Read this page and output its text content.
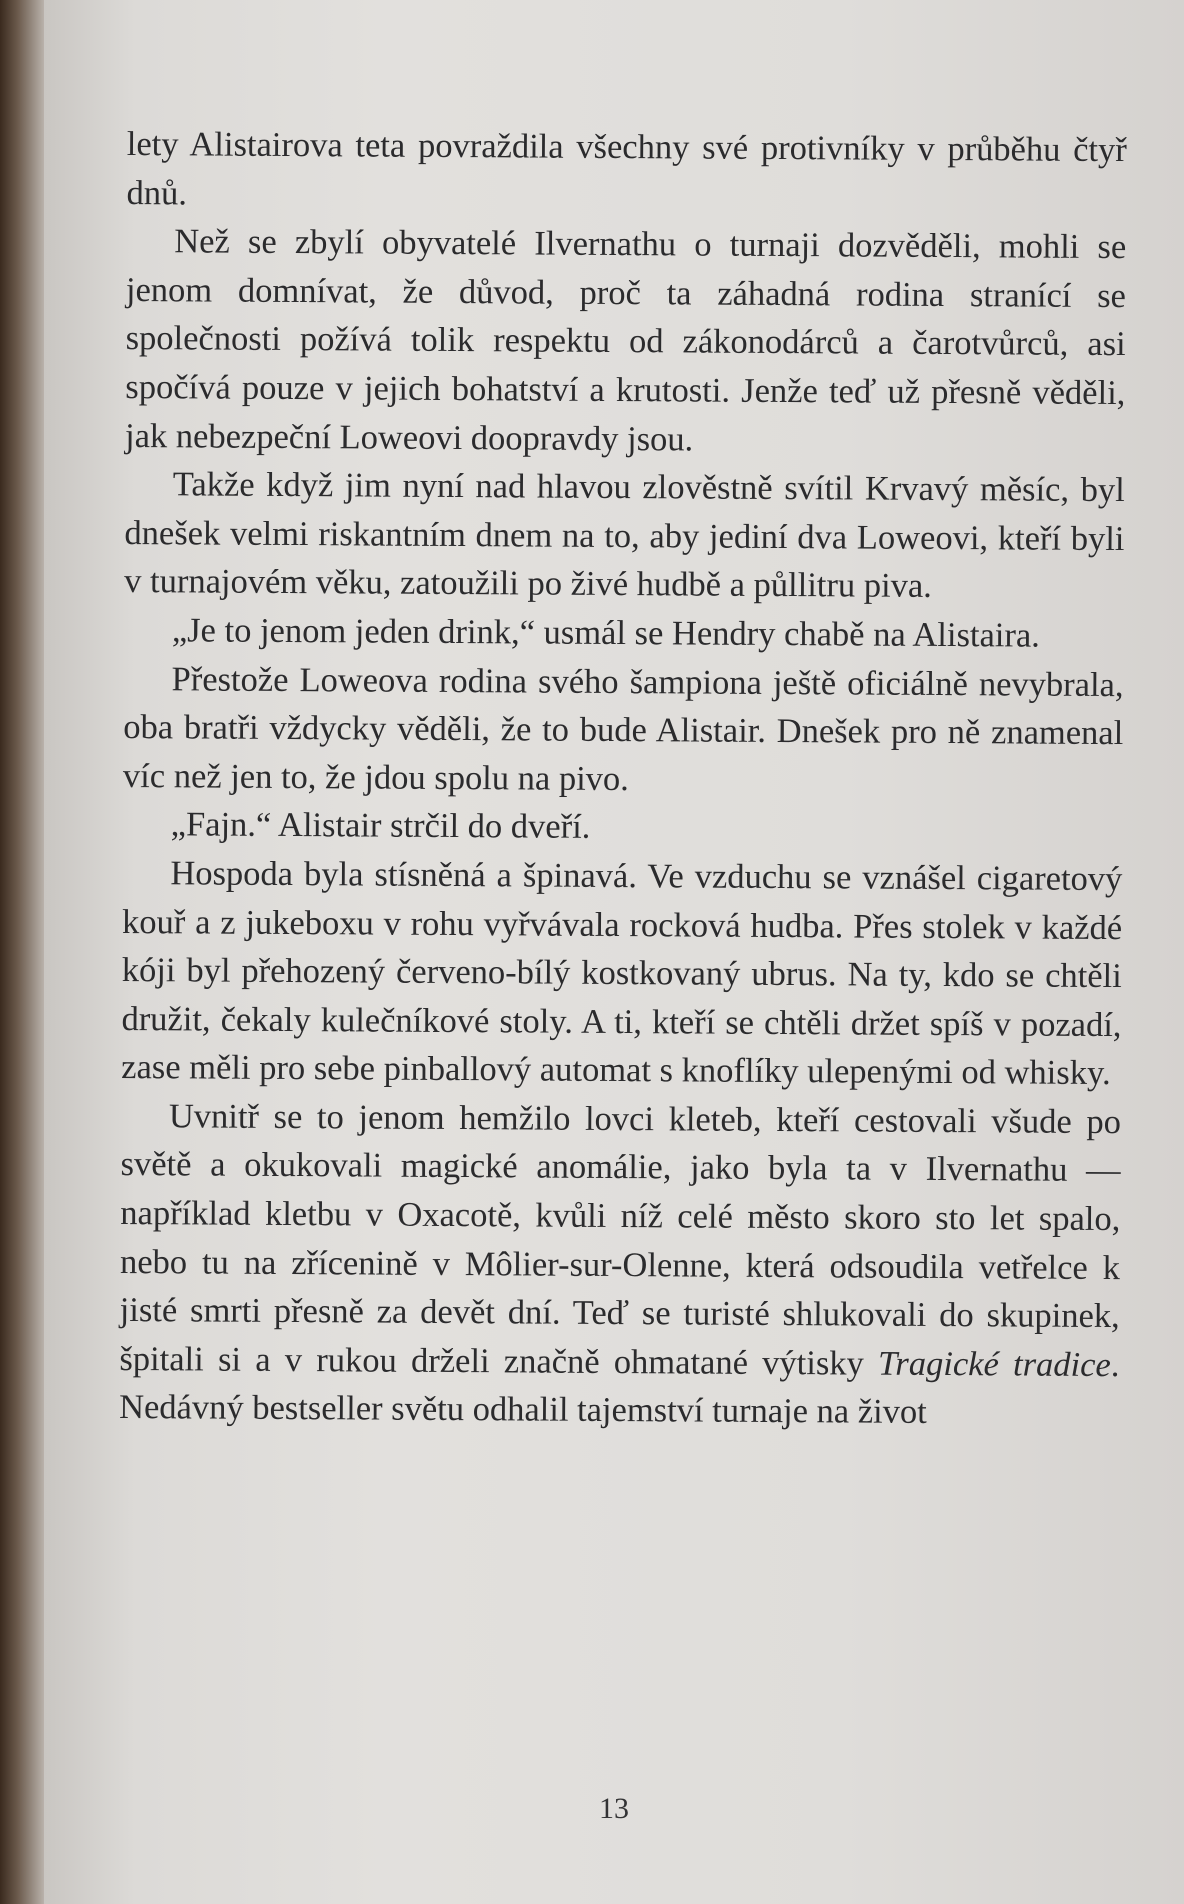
lety Alistairova teta povraždila všechny své protivníky v průběhu čtyř dnů.

Než se zbylí obyvatelé Ilvernathu o turnaji dozvěděli, mohli se jenom domnívat, že důvod, proč ta záhadná rodina stranící se společnosti požívá tolik respektu od zákonodárců a čarotvůrců, asi spočívá pouze v jejich bohatství a krutosti. Jenže teď už přesně věděli, jak nebezpeční Loweovi doopravdy jsou.

Takže když jim nyní nad hlavou zlověstně svítil Krvavý měsíc, byl dnešek velmi riskantním dnem na to, aby jediní dva Loweovi, kteří byli v turnajovém věku, zatoužili po živé hudbě a půllitru piva.

„Je to jenom jeden drink,“ usmál se Hendry chabě na Alistaira.

Přestože Loweova rodina svého šampiona ještě oficiálně nevybrala, oba bratři vždycky věděli, že to bude Alistair. Dnešek pro ně znamenal víc než jen to, že jdou spolu na pivo.

„Fajn.“ Alistair strčil do dveří.

Hospoda byla stísněná a špinavá. Ve vzduchu se vznášel cigaretový kouř a z jukeboxu v rohu vyřvávala rocková hudba. Přes stolek v každé kóji byl přehozený červeno-bílý kostkovaný ubrus. Na ty, kdo se chtěli družit, čekaly kulečníkové stoly. A ti, kteří se chtěli držet spíš v pozadí, zase měli pro sebe pinballový automat s knoflíky ulepenými od whisky.

Uvnitř se to jenom hemžilo lovci kleteb, kteří cestovali všude po světě a okukovali magické anomálie, jako byla ta v Ilvernathu — například kletbu v Oxacotě, kvůli níž celé město skoro sto let spalo, nebo tu na zřícenině v Môlier-sur-Olenne, která odsoudila vetřelce k jisté smrti přesně za devět dní. Teď se turisté shlukovali do skupinek, špitali si a v rukou drželi značně ohmatané výtisky Tragické tradice. Nedávný bestseller světu odhalil tajemství turnaje na život

13
